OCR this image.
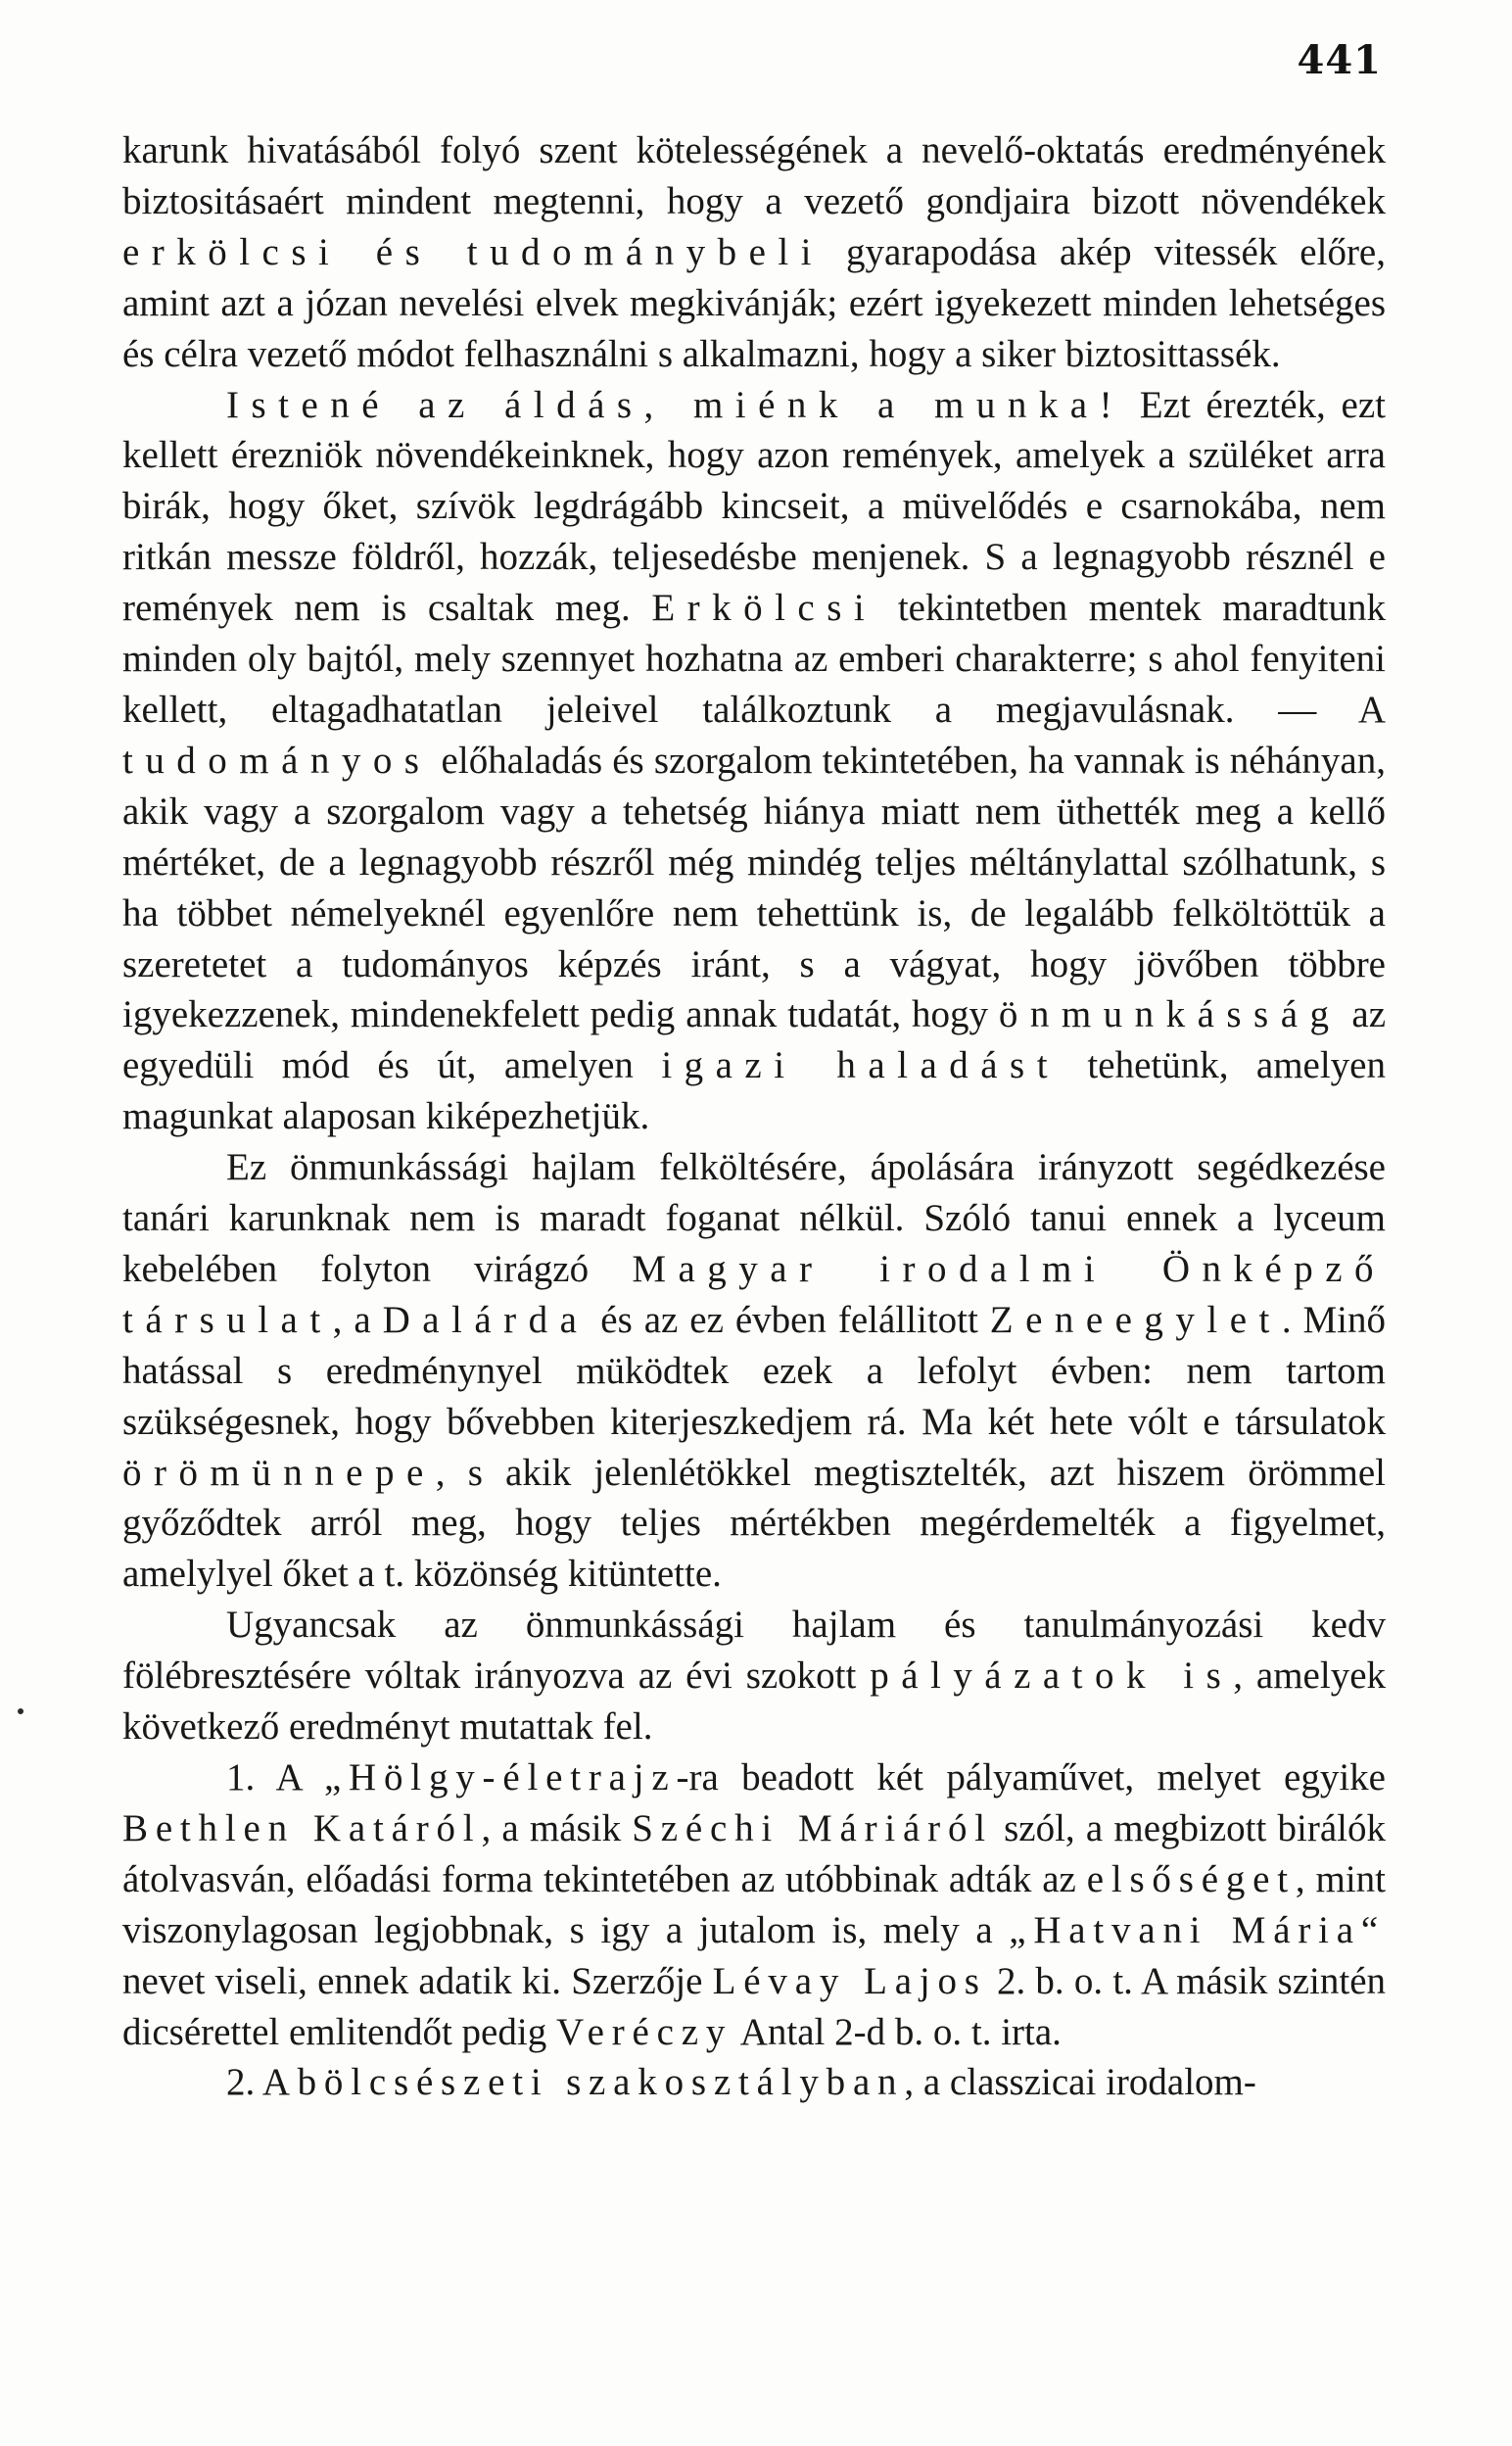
441

karunk hivatásából folyó szent kötelességének a nevelő-oktatás eredményének biztositásaért mindent megtenni, hogy a vezető gondjaira bizott növendékek erkölcsi és tudománybeli gyarapodása akép vitessék előre, amint azt a józan nevelési elvek megkivánják; ezért igyekezett minden lehetséges és célra vezető módot felhasználni s alkalmazni, hogy a siker biztosittassék.

Istené az áldás, miénk a munka! Ezt érezték, ezt kellett érezniök növendékeinknek, hogy azon remények, amelyek a szüléket arra birák, hogy őket, szívök legdrágább kincseit, a müvelődés e csarnokába, nem ritkán messze földről, hozzák, teljesedésbe menjenek. S a legnagyobb résznél e remények nem is csaltak meg. Erkölcsi tekintetben mentek maradtunk minden oly bajtól, mely szennyet hozhatna az emberi charakterre; s ahol fenyiteni kellett, eltagadhatatlan jeleivel találkoztunk a megjavulásnak. — A tudományos előhaladás és szorgalom tekintetében, ha vannak is néhányan, akik vagy a szorgalom vagy a tehetség hiánya miatt nem üthették meg a kellő mértéket, de a legnagyobb részről még mindég teljes méltánylattal szólhatunk, s ha többet némelyeknél egyenlőre nem tehettünk is, de legalább felköltöttük a szeretetet a tudományos képzés iránt, s a vágyat, hogy jövőben többre igyekezzenek, mindenekfelett pedig annak tudatát, hogy önmunkásság az egyedüli mód és út, amelyen igazi haladást tehetünk, amelyen magunkat alaposan kiképezhetjük.

Ez önmunkássági hajlam felköltésére, ápolására irányzott segédkezése tanári karunknak nem is maradt foganat nélkül. Szóló tanui ennek a lyceum kebelében folyton virágzó Magyar irodalmi Önképző társulat, a Dalárda és az ez évben felállitott Zeneegylet. Minő hatással s eredménynyel müködtek ezek a lefolyt évben: nem tartom szükségesnek, hogy bővebben kiterjeszkedjem rá. Ma két hete vólt e társulatok örömünnepe, s akik jelenlétökkel megtisztelték, azt hiszem örömmel győződtek arról meg, hogy teljes mértékben megérdemelték a figyelmet, amelylyel őket a t. közönség kitüntette.

Ugyancsak az önmunkássági hajlam és tanulmányozási kedv fölébresztésére vóltak irányozva az évi szokott pályázatok is, amelyek következő eredményt mutattak fel.

1. A „Hölgy-életrajz-ra beadott két pályaművet, melyet egyike Bethlen Katáról, a másik Széchi Máriáról szól, a megbizott birálók átolvasván, előadási forma tekintetében az utóbbinak adták az elsőséget, mint viszonylagosan legjobbnak, s igy a jutalom is, mely a „Hatvani Mária“ nevet viseli, ennek adatik ki. Szerzője Lévay Lajos 2. b. o. t. A másik szintén dicsérettel emlitendőt pedig Veréczy Antal 2-d b. o. t. irta.

2. A bölcsészeti szakosztályban, a classzicai irodalom-
